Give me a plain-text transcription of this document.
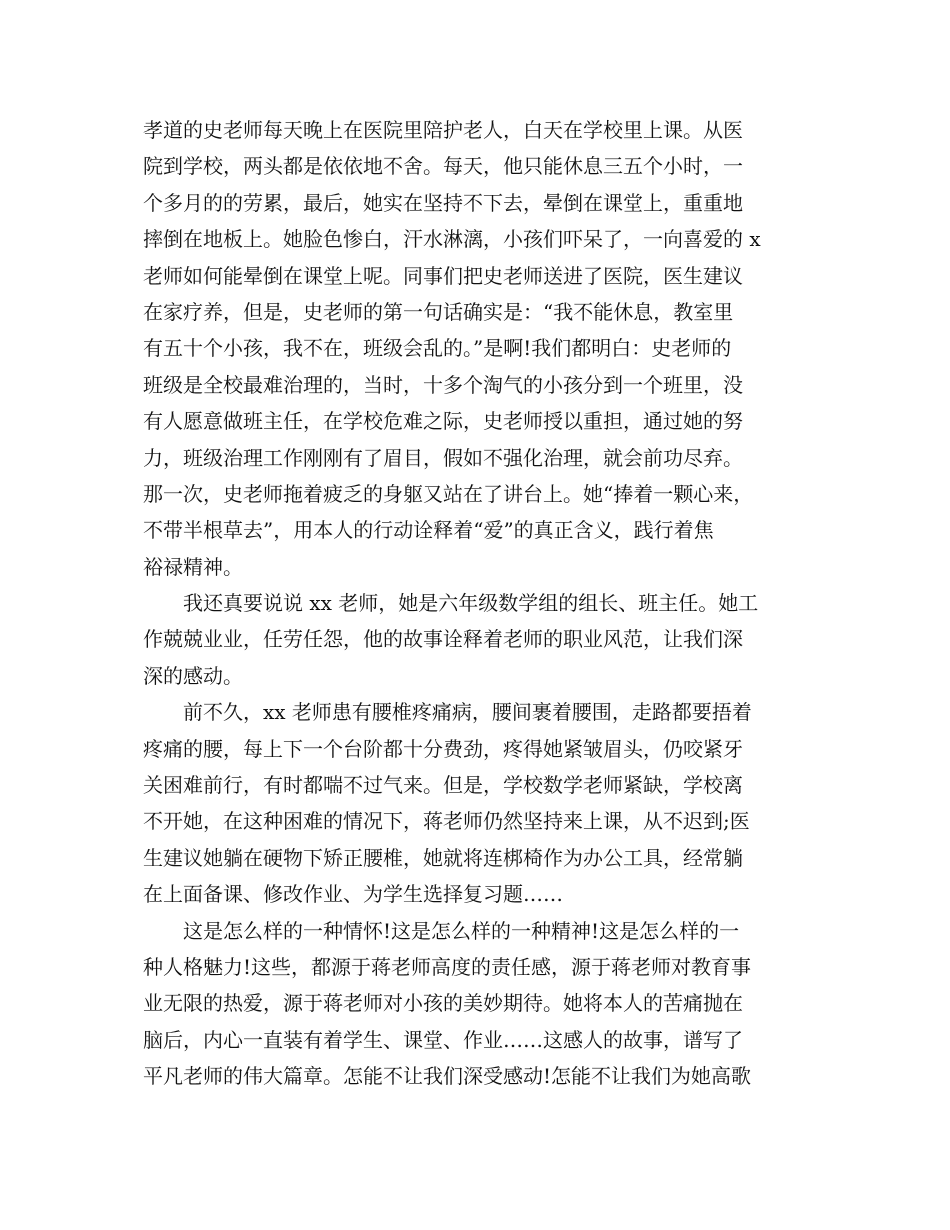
孝道的史老师每天晚上在医院里陪护老人，白天在学校里上课。从医
院到学校，两头都是依依地不舍。每天，他只能休息三五个小时，一
个多月的的劳累，最后，她实在坚持不下去，晕倒在课堂上，重重地
摔倒在地板上。她脸色惨白，汗水淋漓，小孩们吓呆了，一向喜爱的 x
老师如何能晕倒在课堂上呢。同事们把史老师送进了医院，医生建议
在家疗养，但是，史老师的第一句话确实是：“我不能休息，教室里
有五十个小孩，我不在，班级会乱的。”是啊!我们都明白：史老师的
班级是全校最难治理的，当时，十多个淘气的小孩分到一个班里，没
有人愿意做班主任，在学校危难之际，史老师授以重担，通过她的努
力，班级治理工作刚刚有了眉目，假如不强化治理，就会前功尽弃。
那一次，史老师拖着疲乏的身躯又站在了讲台上。她“捧着一颗心来，
不带半根草去”，用本人的行动诠释着“爱”的真正含义，践行着焦
裕禄精神。
我还真要说说 xx 老师，她是六年级数学组的组长、班主任。她工
作兢兢业业，任劳任怨，他的故事诠释着老师的职业风范，让我们深
深的感动。
前不久，xx 老师患有腰椎疼痛病，腰间裹着腰围，走路都要捂着
疼痛的腰，每上下一个台阶都十分费劲，疼得她紧皱眉头，仍咬紧牙
关困难前行，有时都喘不过气来。但是，学校数学老师紧缺，学校离
不开她，在这种困难的情况下，蒋老师仍然坚持来上课，从不迟到;医
生建议她躺在硬物下矫正腰椎，她就将连梆椅作为办公工具，经常躺
在上面备课、修改作业、为学生选择复习题……
这是怎么样的一种情怀!这是怎么样的一种精神!这是怎么样的一
种人格魅力!这些，都源于蒋老师高度的责任感，源于蒋老师对教育事
业无限的热爱，源于蒋老师对小孩的美妙期待。她将本人的苦痛抛在
脑后，内心一直装有着学生、课堂、作业……这感人的故事，谱写了
平凡老师的伟大篇章。怎能不让我们深受感动!怎能不让我们为她高歌
